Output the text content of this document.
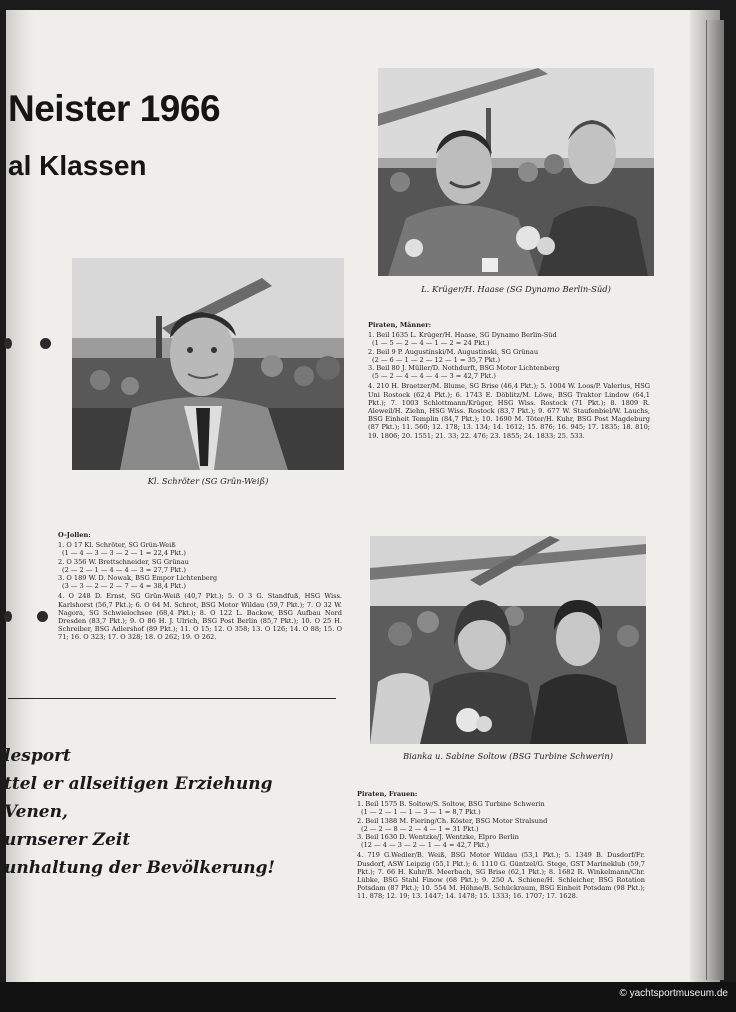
Neister 1966
al Klassen
Kl. Schröter (SG Grün-Weiß)
L. Krüger/H. Haase (SG Dynamo Berlin-Süd)
Bianka u. Sabine Soltow (BSG Turbine Schwerin)
Piraten, Männer:
1. Beil 1635 L. Krüger/H. Haase, SG Dynamo Berlin-Süd
(1 — 5 — 2 — 4 — 1 — 2 = 24 Pkt.)
2. Beil 9 P. Augustinski/M. Augustinski, SG Grünau
(2 — 6 — 1 — 2 — 12 — 1 = 35,7 Pkt.)
3. Beil 80 J. Müller/D. Nothdurft, BSG Motor Lichtenberg
(5 — 2 — 4 — 4 — 4 — 3 = 42,7 Pkt.)
4. 210 H. Braetzer/M. Blume, SG Brise (46,4 Pkt.); 5. 1004 W. Loos/P. Valerius, HSG Uni Rostock (62,4 Pkt.); 6. 1743 E. Döblitz/M. Löwe, BSG Traktor Lindow (64,1 Pkt.); 7. 1003 Schlottmann/Krüger, HSG Wiss. Rostock (71 Pkt.); 8. 1809 R. Aleweil/H. Ziehn, HSG Wiss. Rostock (83,7 Pkt.); 9. 677 W. Staufenbiel/W. Lauchs, BSG Einheit Templin (84,7 Pkt.); 10. 1690 M. Töter/H. Kuhr, BSG Post Magdeburg (87 Pkt.); 11. 560; 12. 178; 13. 134; 14. 1612; 15. 876; 16. 945; 17. 1835; 18. 810; 19. 1806; 20. 1551; 21. 33; 22. 476; 23. 1855; 24. 1833; 25. 533.
O-Jollen:
1. O 17 Kl. Schröter, SG Grün-Weiß
(1 — 4 — 3 — 3 — 2 — 1 = 22,4 Pkt.)
2. O 356 W. Brettschneider, SG Grünau
(2 — 2 — 1 — 4 — 4 — 3 = 27,7 Pkt.)
3. O 189 W. D. Nowak, BSG Empor Lichtenberg
(3 — 3 — 2 — 2 — 7 — 4 = 38,4 Pkt.)
4. O 248 D. Ernst, SG Grün-Weiß (40,7 Pkt.); 5. O 3 G. Standfuß, HSG Wiss. Karlshorst (56,7 Pkt.); 6. O 64 M. Schrot, BSG Motor Wildau (59,7 Pkt.); 7. O 32 W. Nagora, SG Schwielochsee (68,4 Pkt.); 8. O 122 L. Backow, BSG Aufbau Nord Dresden (83,7 Pkt.); 9. O 86 H. J. Ulrich, BSG Post Berlin (85,7 Pkt.); 10. O 25 H. Schreiber, BSG Adlershof (89 Pkt.); 11. O 15; 12. O 358; 13. O 126; 14. O 88; 15. O 71; 16. O 323; 17. O 328; 18. O 262; 19. O 262.
Piraten, Frauen:
1. Beil 1575 B. Soltow/S. Soltow, BSG Turbine Schwerin
(1 — 2 — 1 — 1 — 3 — 1 = 8,7 Pkt.)
2. Beil 1388 M. Fiering/Ch. Köster, BSG Motor Stralsund
(2 — 2 — 8 — 2 — 4 — 1 = 31 Pkt.)
3. Beil 1630 D. Wentzke/J. Wentzke, Elpro Berlin
(12 — 4 — 3 — 2 — 1 — 4 = 42,7 Pkt.)
4. 719 G.Wedler/B. Weiß, BSG Motor Wildau (53,1 Pkt.); 5. 1349 B. Dusdorf/Fr. Dusdorf, ASW Leipzig (55,1 Pkt.); 6. 1110 G. Güntzel/G. Stege, GST Marineklub (59,7 Pkt.); 7. 66 H. Kuhr/B. Meerbach, SG Brise (62,1 Pkt.); 8. 1682 R. Winkelmann/Chr. Lübke, BSG Stahl Finow (68 Pkt.); 9. 250 A. Schiene/H. Schleicher, BSG Rotation Potsdam (87 Pkt.); 10. 554 M. Höhne/B. Schückraum, BSG Einheit Potsdam (98 Pkt.); 11. 878; 12. 19; 13. 1447; 14. 1478; 15. 1333; 16. 1707; 17. 1628.
lesport
ttel er allseitigen Erziehung
Venen,
urnserer Zeit
unhaltung der Bevölkerung!
© yachtsportmuseum.de
